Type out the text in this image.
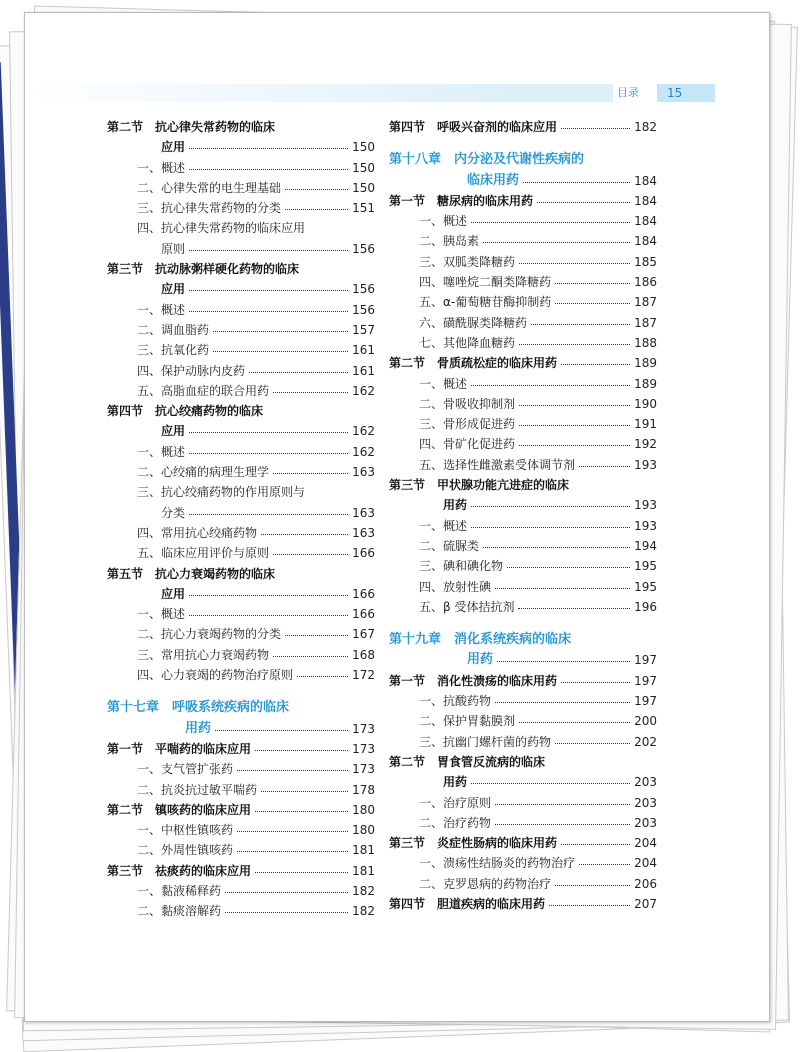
目录	15
第二节　抗心律失常药物的临床
应用	150
一、概述	150
二、心律失常的电生理基础	150
三、抗心律失常药物的分类	151
四、抗心律失常药物的临床应用
原则	156
第三节　抗动脉粥样硬化药物的临床
应用	156
一、概述	156
二、调血脂药	157
三、抗氧化药	161
四、保护动脉内皮药	161
五、高脂血症的联合用药	162
第四节　抗心绞痛药物的临床
应用	162
一、概述	162
二、心绞痛的病理生理学	163
三、抗心绞痛药物的作用原则与
分类	163
四、常用抗心绞痛药物	163
五、临床应用评价与原则	166
第五节　抗心力衰竭药物的临床
应用	166
一、概述	166
二、抗心力衰竭药物的分类	167
三、常用抗心力衰竭药物	168
四、心力衰竭的药物治疗原则	172
第十七章　呼吸系统疾病的临床
用药	173
第一节　平喘药的临床应用	173
一、支气管扩张药	173
二、抗炎抗过敏平喘药	178
第二节　镇咳药的临床应用	180
一、中枢性镇咳药	180
二、外周性镇咳药	181
第三节　祛痰药的临床应用	181
一、黏液稀释药	182
二、黏痰溶解药	182
第四节　呼吸兴奋剂的临床应用	182
第十八章　内分泌及代谢性疾病的
临床用药	184
第一节　糖尿病的临床用药	184
一、概述	184
二、胰岛素	184
三、双胍类降糖药	185
四、噻唑烷二酮类降糖药	186
五、α-葡萄糖苷酶抑制药	187
六、磺酰脲类降糖药	187
七、其他降血糖药	188
第二节　骨质疏松症的临床用药	189
一、概述	189
二、骨吸收抑制剂	190
三、骨形成促进药	191
四、骨矿化促进药	192
五、选择性雌激素受体调节剂	193
第三节　甲状腺功能亢进症的临床
用药	193
一、概述	193
二、硫脲类	194
三、碘和碘化物	195
四、放射性碘	195
五、β 受体拮抗剂	196
第十九章　消化系统疾病的临床
用药	197
第一节　消化性溃疡的临床用药	197
一、抗酸药物	197
二、保护胃黏膜剂	200
三、抗幽门螺杆菌的药物	202
第二节　胃食管反流病的临床
用药	203
一、治疗原则	203
二、治疗药物	203
第三节　炎症性肠病的临床用药	204
一、溃疡性结肠炎的药物治疗	204
二、克罗恩病的药物治疗	206
第四节　胆道疾病的临床用药	207
